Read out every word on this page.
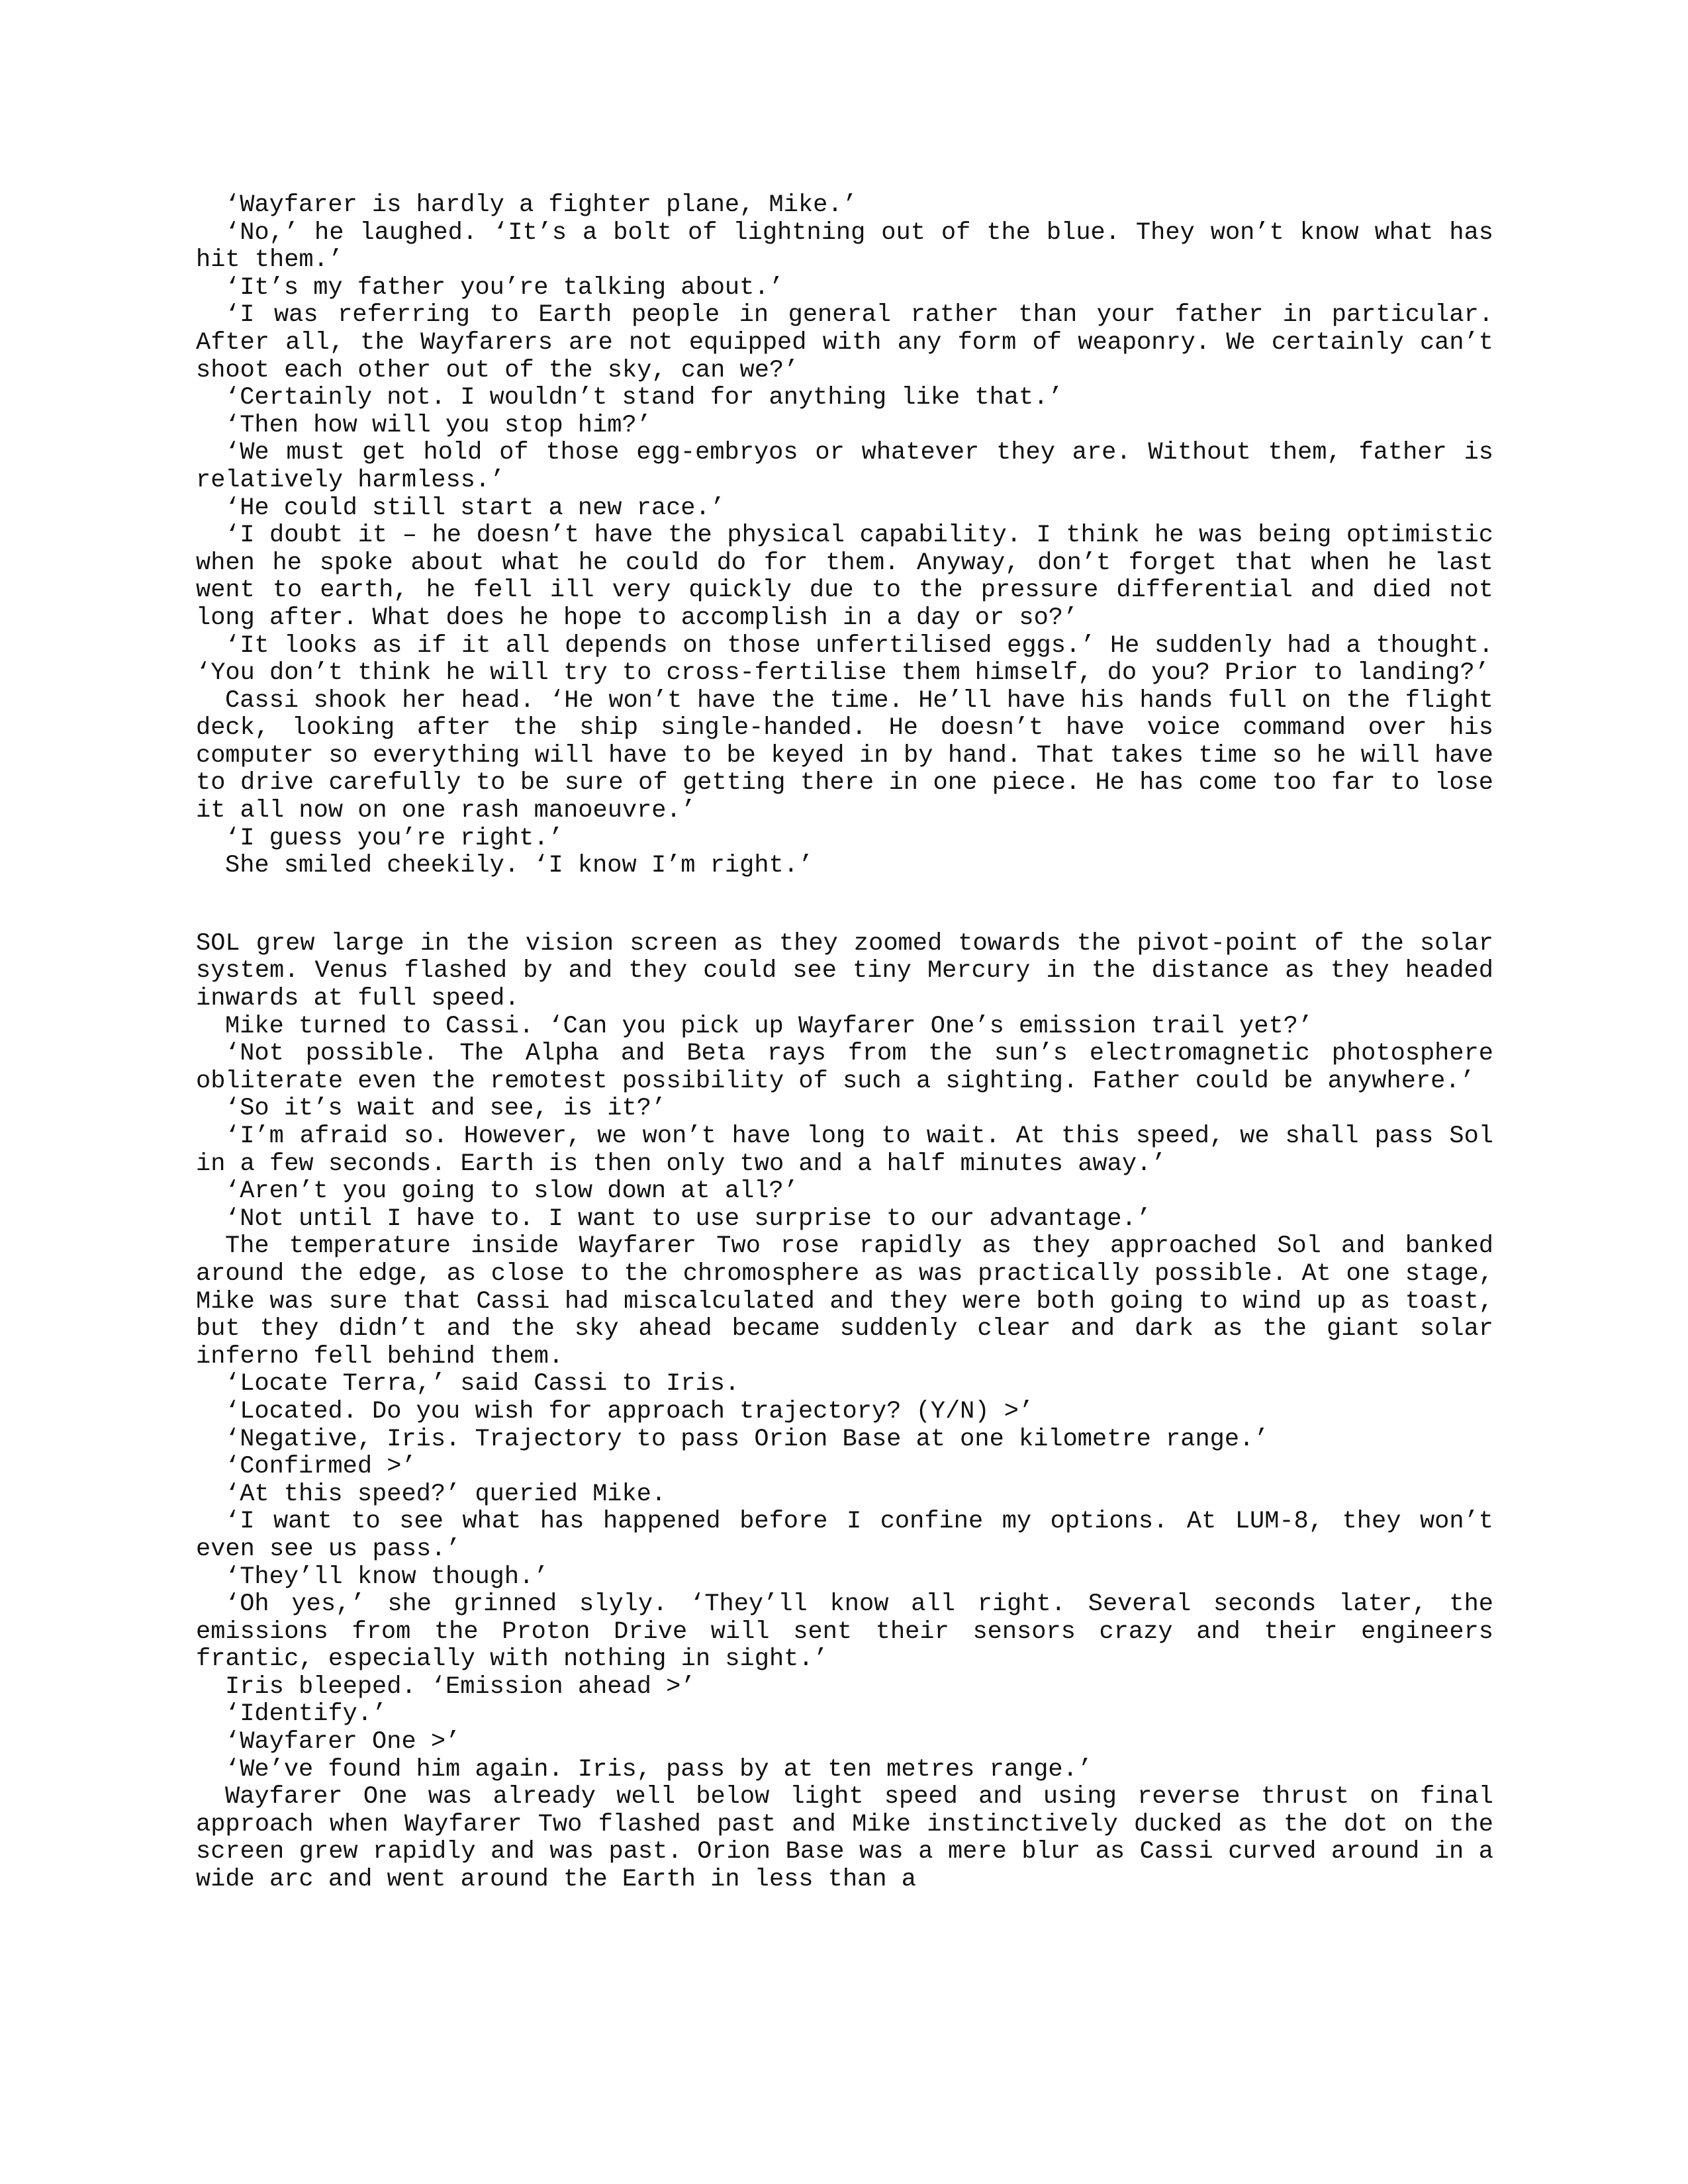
‘Wayfarer is hardly a fighter plane, Mike.’

‘No,’ he laughed. ‘It’s a bolt of lightning out of the blue. They won’t know what has hit them.’

‘It’s my father you’re talking about.’

‘I was referring to Earth people in general rather than your father in particular. After all, the Wayfarers are not equipped with any form of weaponry. We certainly can’t shoot each other out of the sky, can we?’

‘Certainly not. I wouldn’t stand for anything like that.’

‘Then how will you stop him?’

‘We must get hold of those egg-embryos or whatever they are. Without them, father is relatively harmless.’

‘He could still start a new race.’

‘I doubt it – he doesn’t have the physical capability. I think he was being optimistic when he spoke about what he could do for them. Anyway, don’t forget that when he last went to earth, he fell ill very quickly due to the pressure differential and died not long after. What does he hope to accomplish in a day or so?’

‘It looks as if it all depends on those unfertilised eggs.’ He suddenly had a thought. ‘You don’t think he will try to cross-fertilise them himself, do you? Prior to landing?’

Cassi shook her head. ‘He won’t have the time. He’ll have his hands full on the flight deck, looking after the ship single-handed. He doesn’t have voice command over his computer so everything will have to be keyed in by hand. That takes time so he will have to drive carefully to be sure of getting there in one piece. He has come too far to lose it all now on one rash manoeuvre.’

‘I guess you’re right.’

She smiled cheekily. ‘I know I’m right.’

SOL grew large in the vision screen as they zoomed towards the pivot-point of the solar system. Venus flashed by and they could see tiny Mercury in the distance as they headed inwards at full speed.

Mike turned to Cassi. ‘Can you pick up Wayfarer One’s emission trail yet?’

‘Not possible. The Alpha and Beta rays from the sun’s electromagnetic photosphere obliterate even the remotest possibility of such a sighting. Father could be anywhere.’

‘So it’s wait and see, is it?’

‘I’m afraid so. However, we won’t have long to wait. At this speed, we shall pass Sol in a few seconds. Earth is then only two and a half minutes away.’

‘Aren’t you going to slow down at all?’

‘Not until I have to. I want to use surprise to our advantage.’

The temperature inside Wayfarer Two rose rapidly as they approached Sol and banked around the edge, as close to the chromosphere as was practically possible. At one stage, Mike was sure that Cassi had miscalculated and they were both going to wind up as toast, but they didn’t and the sky ahead became suddenly clear and dark as the giant solar inferno fell behind them.

‘Locate Terra,’ said Cassi to Iris.

‘Located. Do you wish for approach trajectory? (Y/N) >’

‘Negative, Iris. Trajectory to pass Orion Base at one kilometre range.’

‘Confirmed >’

‘At this speed?’ queried Mike.

‘I want to see what has happened before I confine my options. At LUM-8, they won’t even see us pass.’

‘They’ll know though.’

‘Oh yes,’ she grinned slyly. ‘They’ll know all right. Several seconds later, the emissions from the Proton Drive will sent their sensors crazy and their engineers frantic, especially with nothing in sight.’

Iris bleeped. ‘Emission ahead >’

‘Identify.’

‘Wayfarer One >’

‘We’ve found him again. Iris, pass by at ten metres range.’

Wayfarer One was already well below light speed and using reverse thrust on final approach when Wayfarer Two flashed past and Mike instinctively ducked as the dot on the screen grew rapidly and was past. Orion Base was a mere blur as Cassi curved around in a wide arc and went around the Earth in less than a
